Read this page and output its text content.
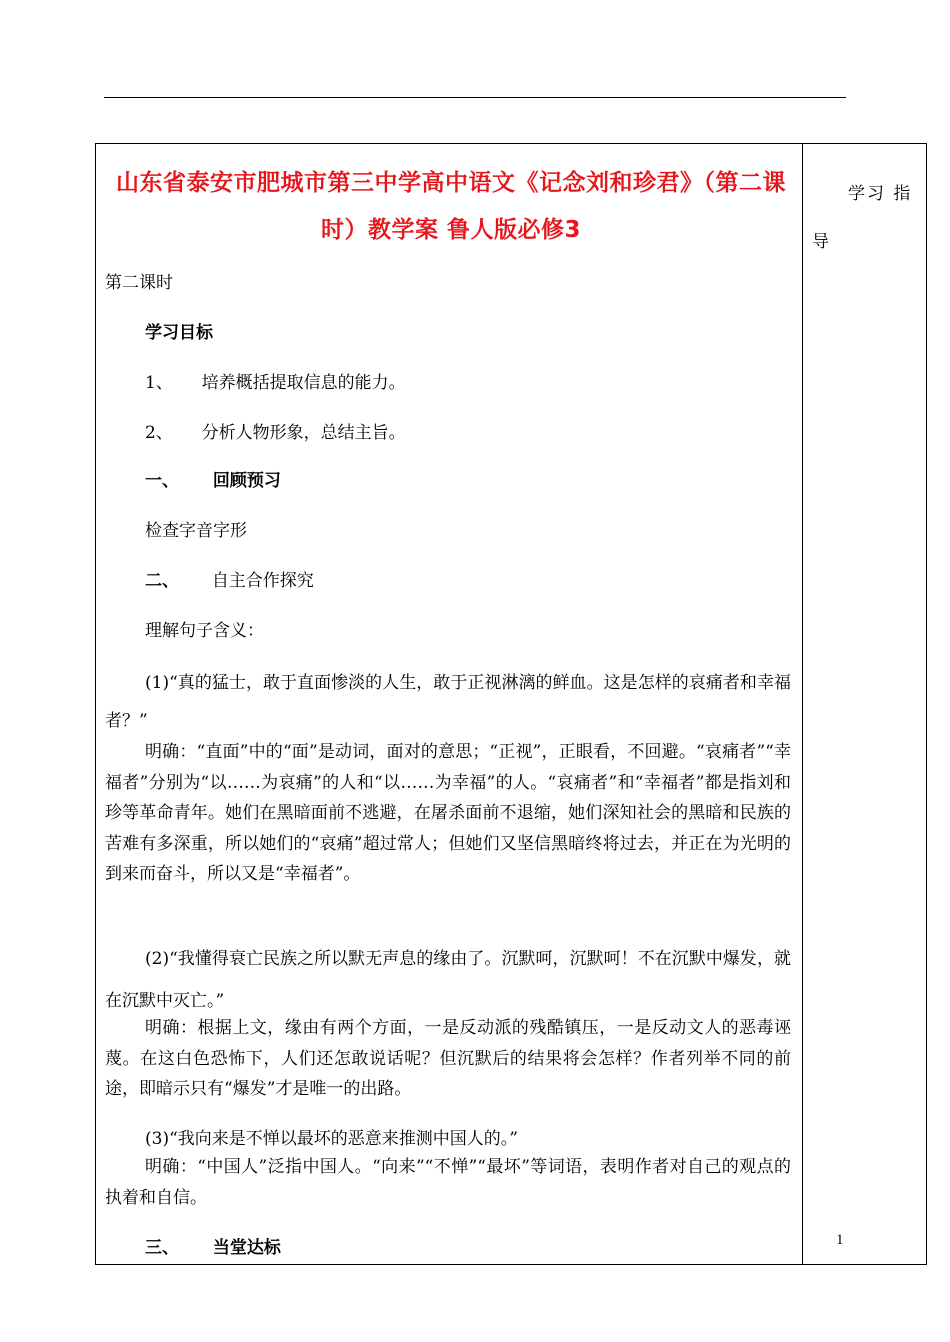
山东省泰安市肥城市第三中学高中语文《记念刘和珍君》（第二课时）教学案 鲁人版必修3
第二课时
学习目标
1、 培养概括提取信息的能力。
2、 分析人物形象，总结主旨。
一、 回顾预习
检查字音字形
二、 自主合作探究
理解句子含义：
(1)“真的猛士，敢于直面惨淡的人生，敢于正视淋漓的鲜血。这是怎样的哀痛者和幸福者？”
明确：“直面”中的“面”是动词，面对的意思；“正视”，正眼看，不回避。“哀痛者”“幸福者”分别为“以……为哀痛”的人和“以……为幸福”的人。“哀痛者”和“幸福者”都是指刘和珍等革命青年。她们在黑暗面前不逃避，在屠杀面前不退缩，她们深知社会的黑暗和民族的苦难有多深重，所以她们的“哀痛”超过常人；但她们又坚信黑暗终将过去，并正在为光明的到来而奋斗，所以又是“幸福者”。
(2)“我懂得衰亡民族之所以默无声息的缘由了。沉默呵，沉默呵！不在沉默中爆发，就在沉默中灭亡。”
明确：根据上文，缘由有两个方面，一是反动派的残酷镇压，一是反动文人的恶毒诬蔑。在这白色恐怖下，人们还怎敢说话呢？但沉默后的结果将会怎样？作者列举不同的前途，即暗示只有“爆发”才是唯一的出路。
(3)“我向来是不惮以最坏的恶意来推测中国人的。”
明确：“中国人”泛指中国人。“向来”“不惮”“最坏”等词语，表明作者对自己的观点的执着和自信。
三、 当堂达标
学习 指导
1
